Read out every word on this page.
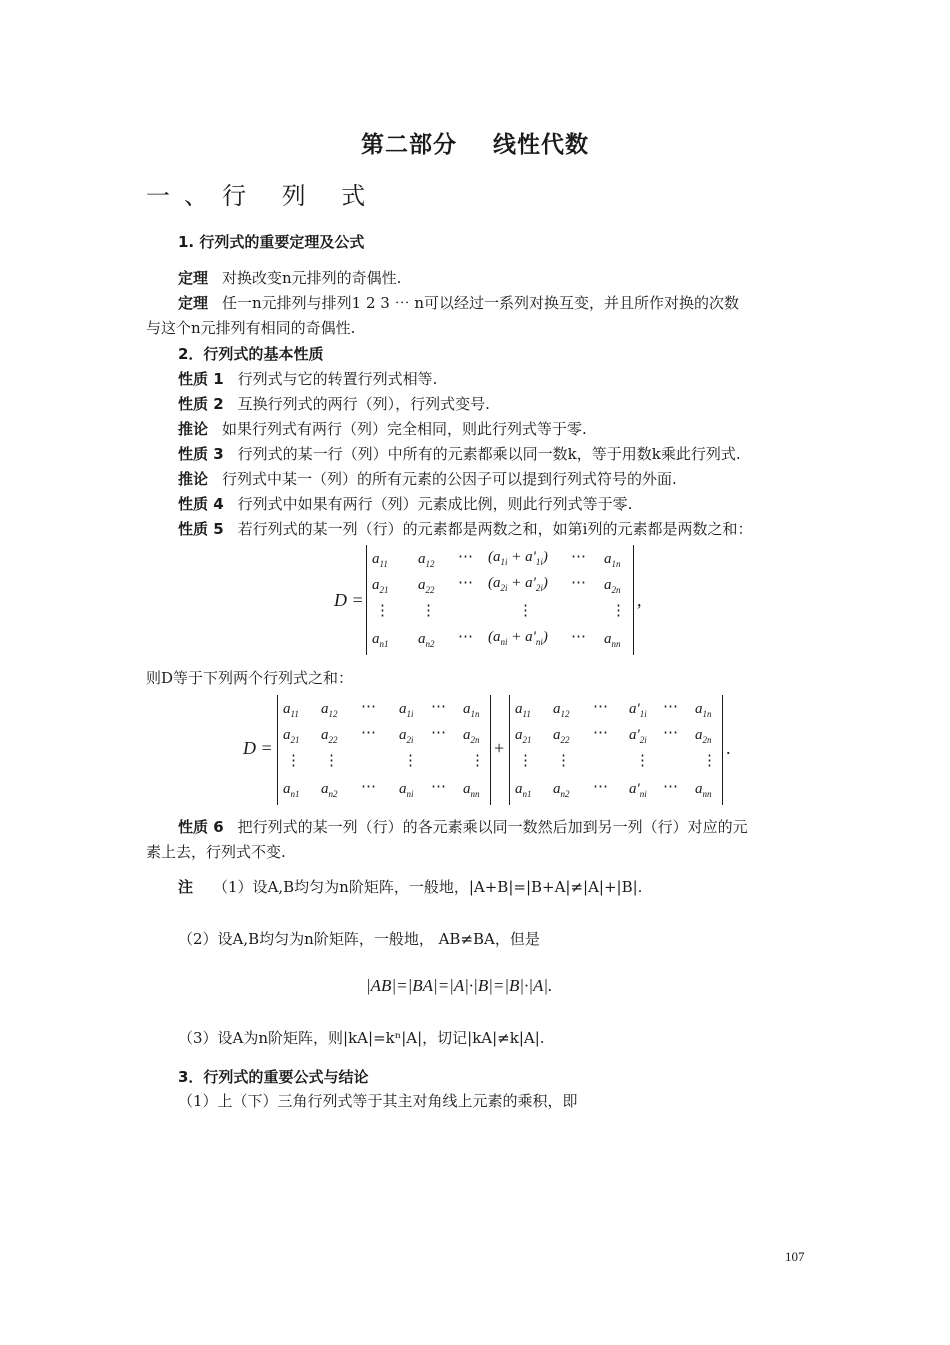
第二部分 线性代数
一、行 列 式
1. 行列式的重要定理及公式
定理 对换改变n元排列的奇偶性.
定理 任一n元排列与排列1 2 3 ⋯ n可以经过一系列对换互变，并且所作对换的次数
与这个n元排列有相同的奇偶性.
2．行列式的基本性质
性质 1 行列式与它的转置行列式相等.
性质 2 互换行列式的两行（列），行列式变号.
推论 如果行列式有两行（列）完全相同，则此行列式等于零.
性质 3 行列式的某一行（列）中所有的元素都乘以同一数k，等于用数k乘此行列式.
推论 行列式中某一（列）的所有元素的公因子可以提到行列式符号的外面.
性质 4 行列式中如果有两行（列）元素成比例，则此行列式等于零.
性质 5 若行列式的某一列（行）的元素都是两数之和，如第i列的元素都是两数之和：
D =
$a_{11}$ $a_{12}$ ⋯ $(a_{1i} + a'_{1i})$ ⋯ $a_{1n}$
$a_{21}$ $a_{22}$ ⋯ $(a_{2i} + a'_{2i})$ ⋯ $a_{2n}$
⋮ ⋮	⋮	⋮
$a_{n1}$ $a_{n2}$ ⋯ $(a_{ni} + a'_{ni})$ ⋯ $a_{nn}$
,
则D等于下列两个行列式之和：
D =
$a_{11}$ $a_{12}$ ⋯ $a_{1i}$ ⋯ $a_{1n}$
$a_{21}$ $a_{22}$ ⋯ $a_{2i}$ ⋯ $a_{2n}$
⋮ ⋮	⋮	⋮
$a_{n1}$ $a_{n2}$ ⋯ $a_{ni}$ ⋯ $a_{nn}$
+
$a_{11}$ $a_{12}$ ⋯ $a'_{1i}$ ⋯ $a_{1n}$
$a_{21}$ $a_{22}$ ⋯ $a'_{2i}$ ⋯ $a_{2n}$
⋮ ⋮	⋮	⋮
$a_{n1}$ $a_{n2}$ ⋯ $a'_{ni}$ ⋯ $a_{nn}$
.
性质 6 把行列式的某一列（行）的各元素乘以同一数然后加到另一列（行）对应的元
素上去，行列式不变.
注 （1）设A,B均匀为n阶矩阵，一般地，|A+B|=|B+A|≠|A|+|B|.
（2）设A,B均匀为n阶矩阵，一般地， AB≠BA，但是
|AB|=|BA|=|A|·|B|=|B|·|A|.
（3）设A为n阶矩阵，则|kA|=kⁿ|A|，切记|kA|≠k|A|.
3．行列式的重要公式与结论
（1）上（下）三角行列式等于其主对角线上元素的乘积，即
107
